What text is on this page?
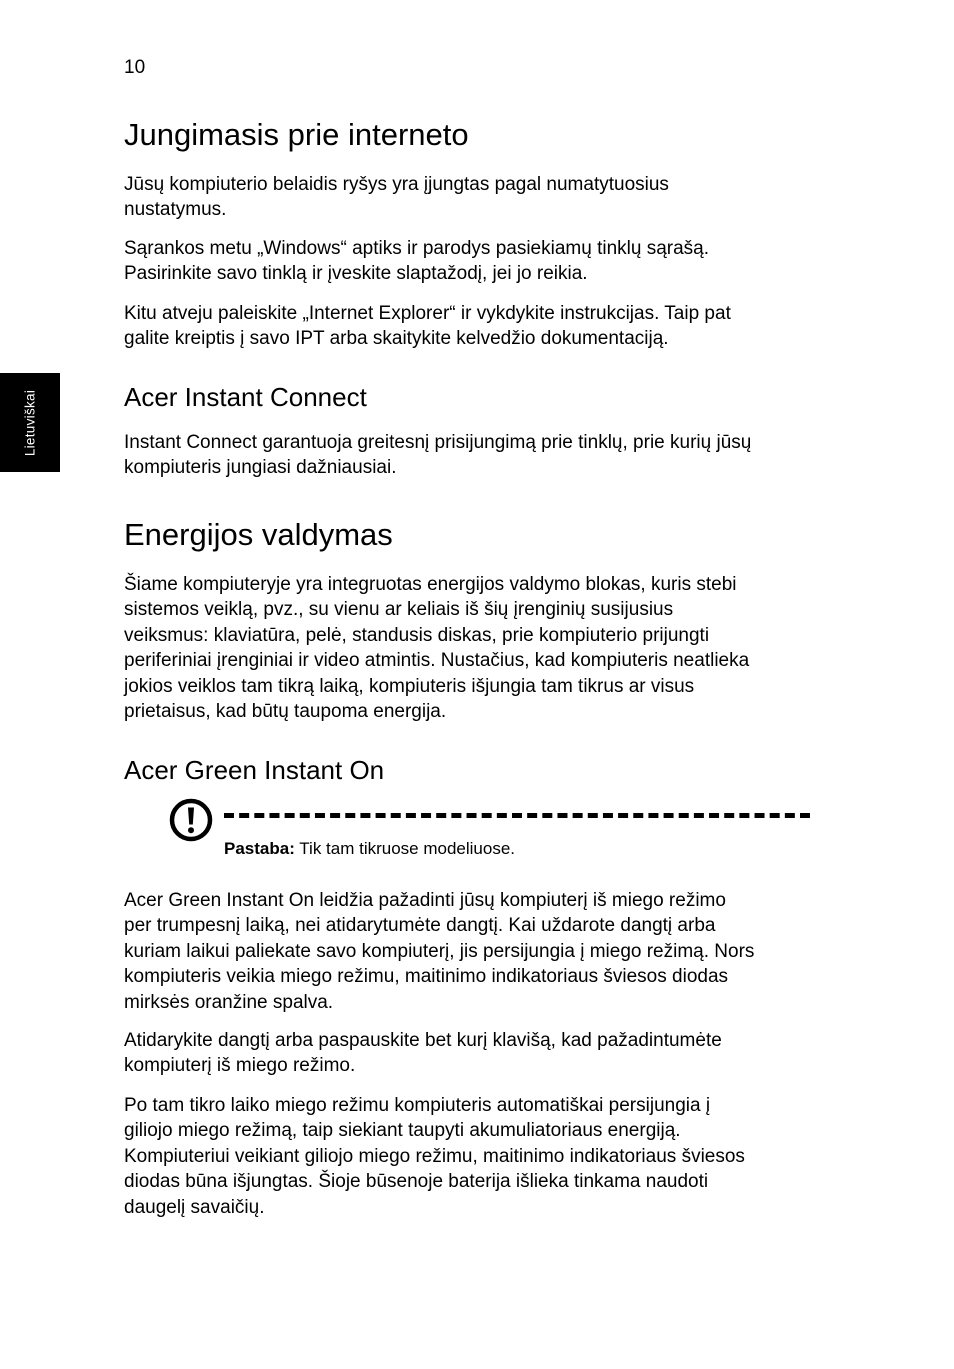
10
Lietuviškai
Jungimasis prie interneto

Jūsų kompiuterio belaidis ryšys yra įjungtas pagal numatytuosius
nustatymus.

Sąrankos metu „Windows“ aptiks ir parodys pasiekiamų tinklų sąrašą.
Pasirinkite savo tinklą ir įveskite slaptažodį, jei jo reikia.

Kitu atveju paleiskite „Internet Explorer“ ir vykdykite instrukcijas. Taip pat
galite kreiptis į savo IPT arba skaitykite kelvedžio dokumentaciją.

Acer Instant Connect

Instant Connect garantuoja greitesnį prisijungimą prie tinklų, prie kurių jūsų
kompiuteris jungiasi dažniausiai.

Energijos valdymas

Šiame kompiuteryje yra integruotas energijos valdymo blokas, kuris stebi
sistemos veiklą, pvz., su vienu ar keliais iš šių įrenginių susijusius
veiksmus: klaviatūra, pelė, standusis diskas, prie kompiuterio prijungti
periferiniai įrenginiai ir video atmintis. Nustačius, kad kompiuteris neatlieka
jokios veiklos tam tikrą laiką, kompiuteris išjungia tam tikrus ar visus
prietaisus, kad būtų taupoma energija.

Acer Green Instant On
Pastaba: Tik tam tikruose modeliuose.

Acer Green Instant On leidžia pažadinti jūsų kompiuterį iš miego režimo
per trumpesnį laiką, nei atidarytumėte dangtį. Kai uždarote dangtį arba
kuriam laikui paliekate savo kompiuterį, jis persijungia į miego režimą. Nors
kompiuteris veikia miego režimu, maitinimo indikatoriaus šviesos diodas
mirksės oranžine spalva.

Atidarykite dangtį arba paspauskite bet kurį klavišą, kad pažadintumėte
kompiuterį iš miego režimo.

Po tam tikro laiko miego režimu kompiuteris automatiškai persijungia į
giliojo miego režimą, taip siekiant taupyti akumuliatoriaus energiją.
Kompiuteriui veikiant giliojo miego režimu, maitinimo indikatoriaus šviesos
diodas būna išjungtas. Šioje būsenoje baterija išlieka tinkama naudoti
daugelį savaičių.
